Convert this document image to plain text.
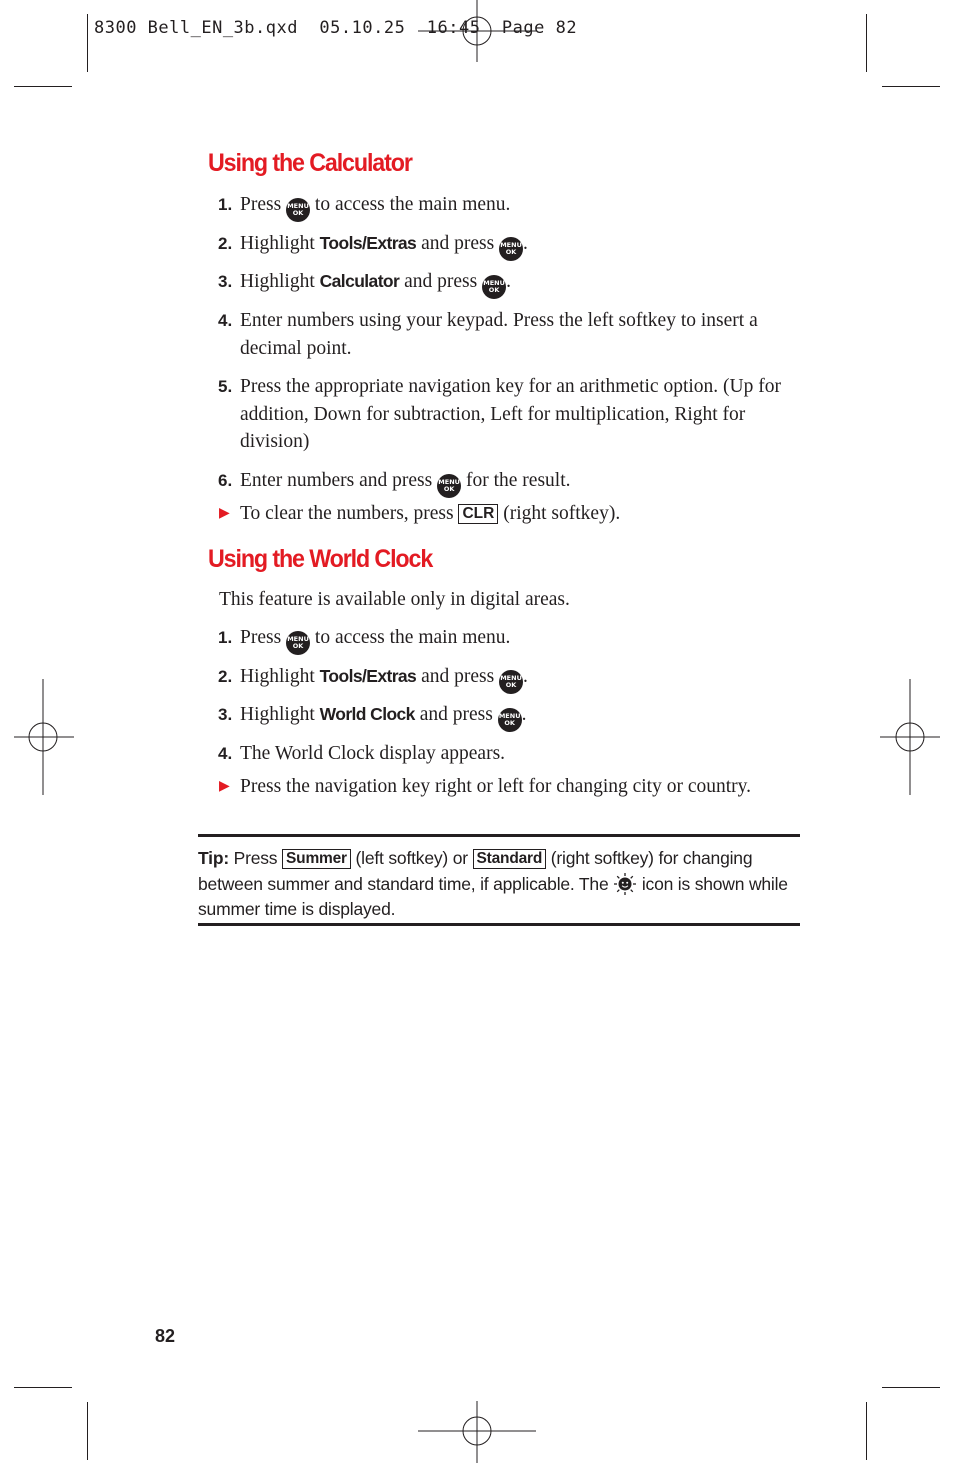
8300 Bell_EN_3b.qxd  05.10.25  16:45  Page 82
Using the Calculator
1. Press MENU
OK to access the main menu.
2. Highlight Tools/Extras and press MENU
OK .
3. Highlight Calculator and press MENU
OK .
4. Enter numbers using your keypad. Press the left softkey to insert a decimal point.
5. Press the appropriate navigation key for an arithmetic option. (Up for addition, Down for subtraction, Left for multiplication, Right for division)
6. Enter numbers and press MENU
OK for the result.
▶ To clear the numbers, press CLR (right softkey).
Using the World Clock
This feature is available only in digital areas.
1. Press MENU
OK to access the main menu.
2. Highlight Tools/Extras and press MENU
OK .
3. Highlight World Clock and press MENU
OK .
4. The World Clock display appears.
▶ Press the navigation key right or left for changing city or country.
Tip: Press Summer (left softkey) or Standard (right softkey) for changing between summer and standard time, if applicable. The icon is shown while summer time is displayed.
82
